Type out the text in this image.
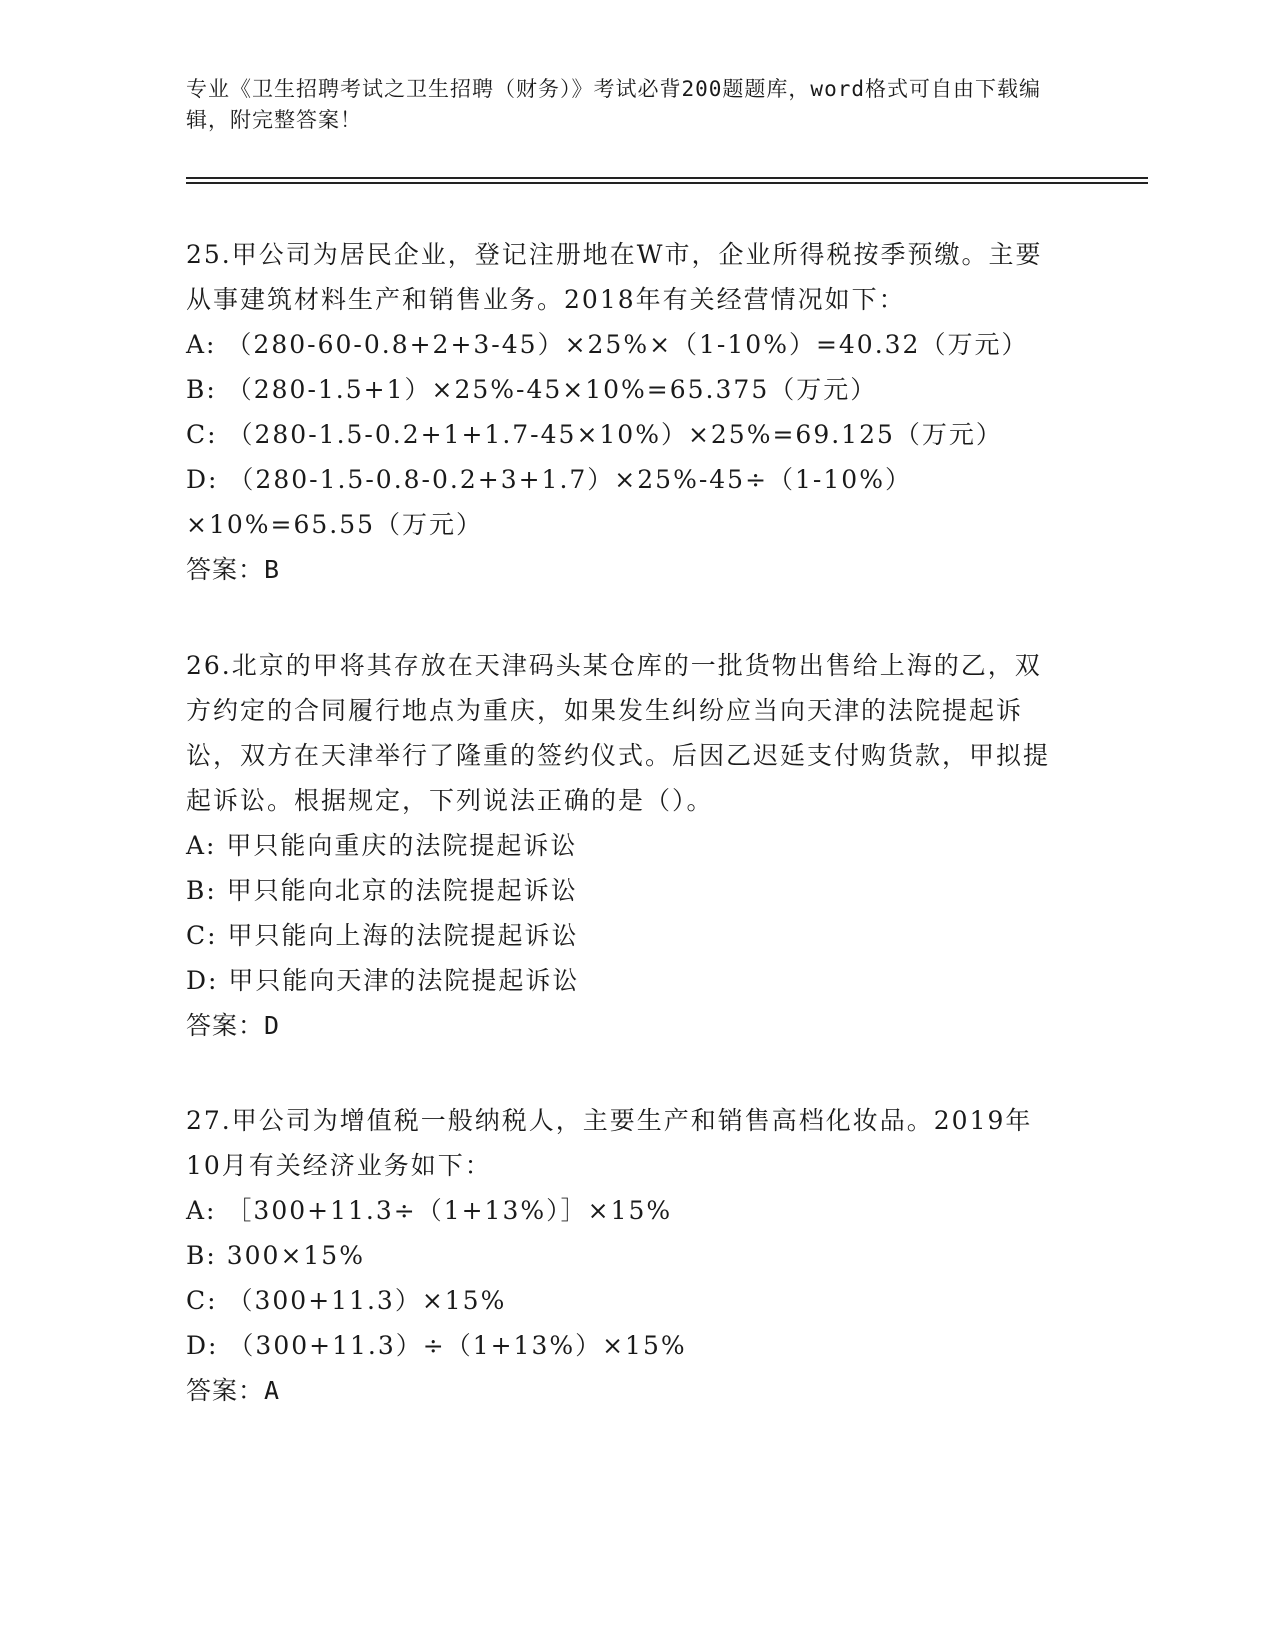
专业《卫生招聘考试之卫生招聘（财务）》考试必背200题题库，word格式可自由下载编辑，附完整答案！
25.甲公司为居民企业，登记注册地在W市，企业所得税按季预缴。主要从事建筑材料生产和销售业务。2018年有关经营情况如下：
A: （280-60-0.8+2+3-45）×25%×（1-10%）=40.32（万元）
B: （280-1.5+1）×25%-45×10%=65.375（万元）
C: （280-1.5-0.2+1+1.7-45×10%）×25%=69.125（万元）
D: （280-1.5-0.8-0.2+3+1.7）×25%-45÷（1-10%）×10%=65.55（万元）
答案：B
26.北京的甲将其存放在天津码头某仓库的一批货物出售给上海的乙，双方约定的合同履行地点为重庆，如果发生纠纷应当向天津的法院提起诉讼，双方在天津举行了隆重的签约仪式。后因乙迟延支付购货款，甲拟提起诉讼。根据规定，下列说法正确的是（）。
A: 甲只能向重庆的法院提起诉讼
B: 甲只能向北京的法院提起诉讼
C: 甲只能向上海的法院提起诉讼
D: 甲只能向天津的法院提起诉讼
答案：D
27.甲公司为增值税一般纳税人，主要生产和销售高档化妆品。2019年10月有关经济业务如下：
A: ［300+11.3÷（1+13%）］×15%
B: 300×15%
C: （300+11.3）×15%
D: （300+11.3）÷（1+13%）×15%
答案：A
